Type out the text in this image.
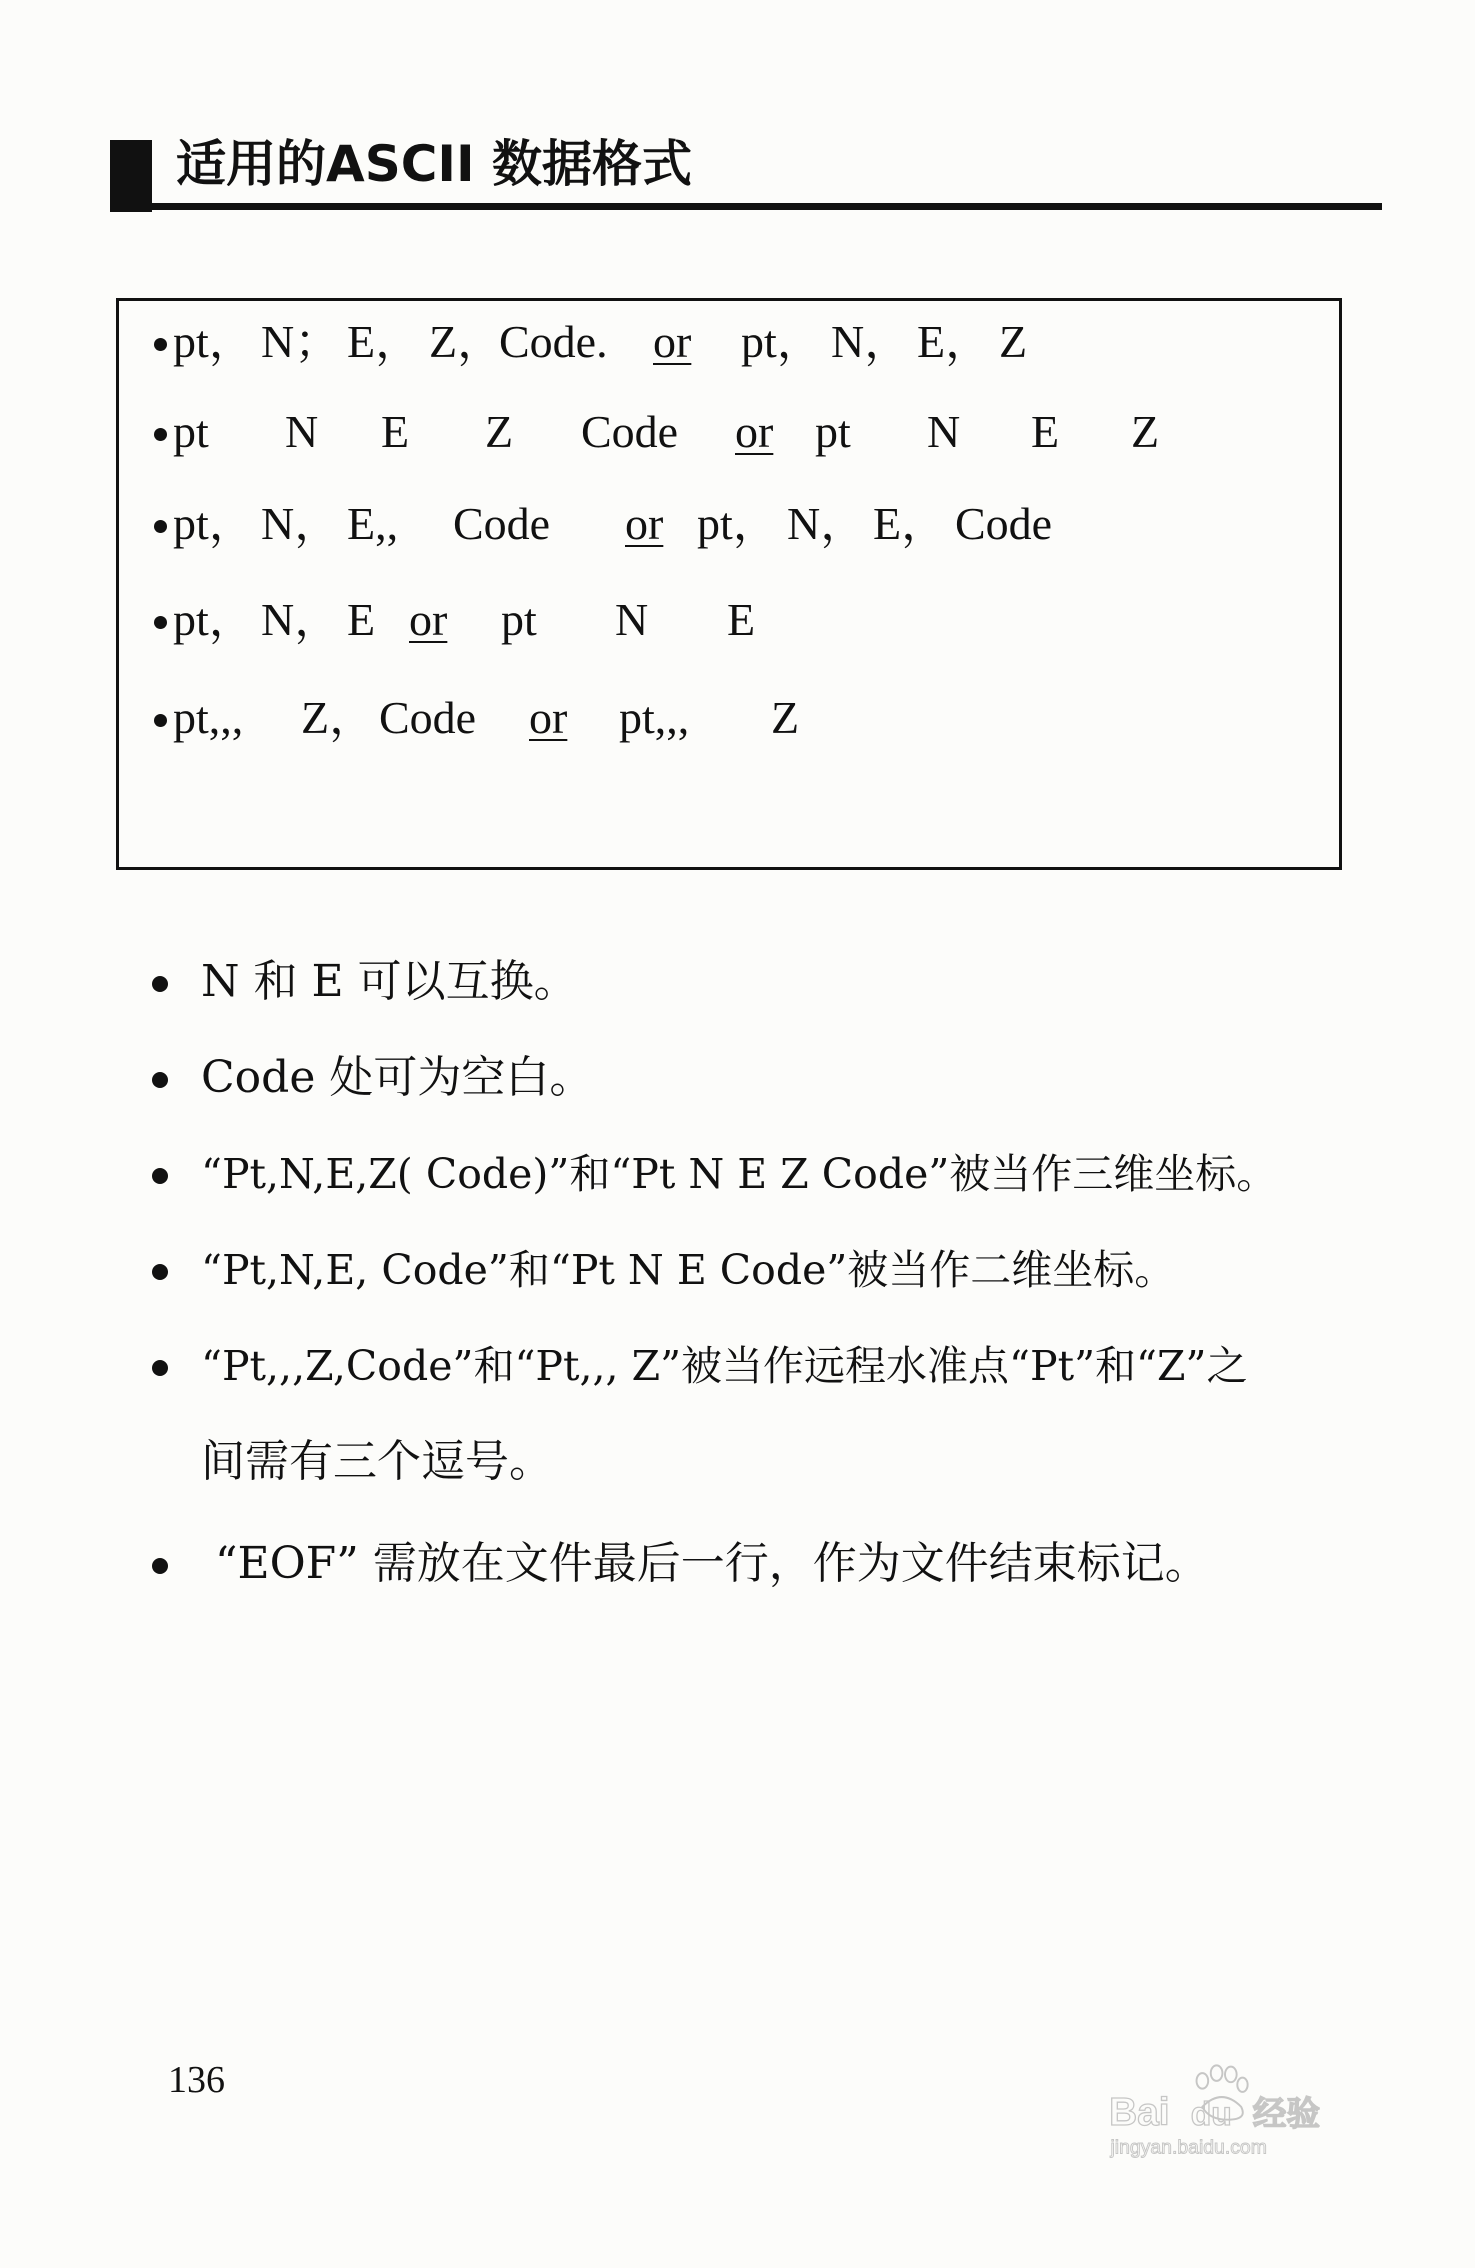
适用的ASCII 数据格式
pt， N； E， Z，Code. or pt， N， E， Z
pt N E Z Code or pt N E Z
pt， N， E,, Code or pt， N， E， Code
pt， N， E or pt N E
pt,,, Z，Code or pt,,, Z
N 和 E 可以互换。
Code 处可为空白。
“Pt,N,E,Z( Code)”和“Pt N E Z Code”被当作三维坐标。
“Pt,N,E, Code”和“Pt N E Code”被当作二维坐标。
“Pt,,,Z,Code”和“Pt,,, Z”被当作远程水准点“Pt”和“Z”之
间需有三个逗号。
“EOF” 需放在文件最后一行，作为文件结束标记。
136
Bai du 经验
jingyan.baidu.com
